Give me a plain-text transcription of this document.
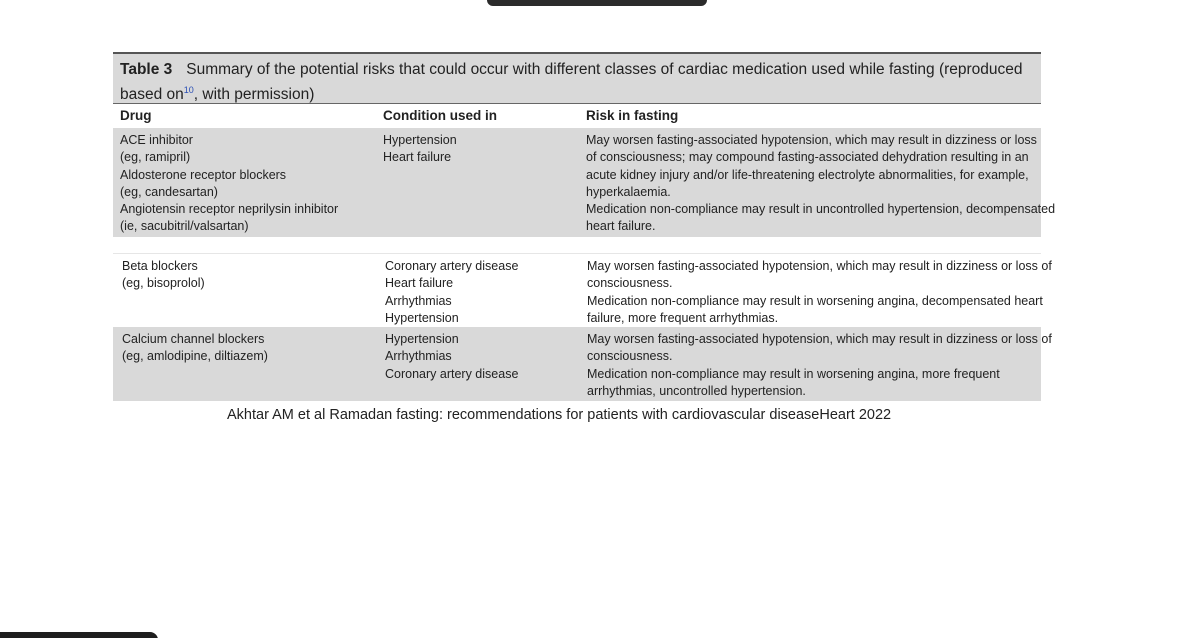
Table 3 Summary of the potential risks that could occur with different classes of cardiac medication used while fasting (reproduced based $on^{10}$, with permission)
Drug	Condition used in	Risk in fasting
ACE inhibitor
(eg, ramipril)
Aldosterone receptor blockers
(eg, candesartan)
Angiotensin receptor neprilysin inhibitor
(ie, sacubitril/valsartan)
Hypertension
Heart failure
May worsen fasting-associated hypotension, which may result in dizziness or loss
of consciousness; may compound fasting-associated dehydration resulting in an
acute kidney injury and/or life-threatening electrolyte abnormalities, for example,
hyperkalaemia.
Medication non-compliance may result in uncontrolled hypertension, decompensated
heart failure.
Beta blockers
(eg, bisoprolol)
Coronary artery disease
Heart failure
Arrhythmias
Hypertension
May worsen fasting-associated hypotension, which may result in dizziness or loss of
consciousness.
Medication non-compliance may result in worsening angina, decompensated heart
failure, more frequent arrhythmias.
Calcium channel blockers
(eg, amlodipine, diltiazem)
Hypertension
Arrhythmias
Coronary artery disease
May worsen fasting-associated hypotension, which may result in dizziness or loss of
consciousness.
Medication non-compliance may result in worsening angina, more frequent
arrhythmias, uncontrolled hypertension.
Akhtar AM et al Ramadan fasting: recommendations for patients with cardiovascular diseaseHeart 2022
